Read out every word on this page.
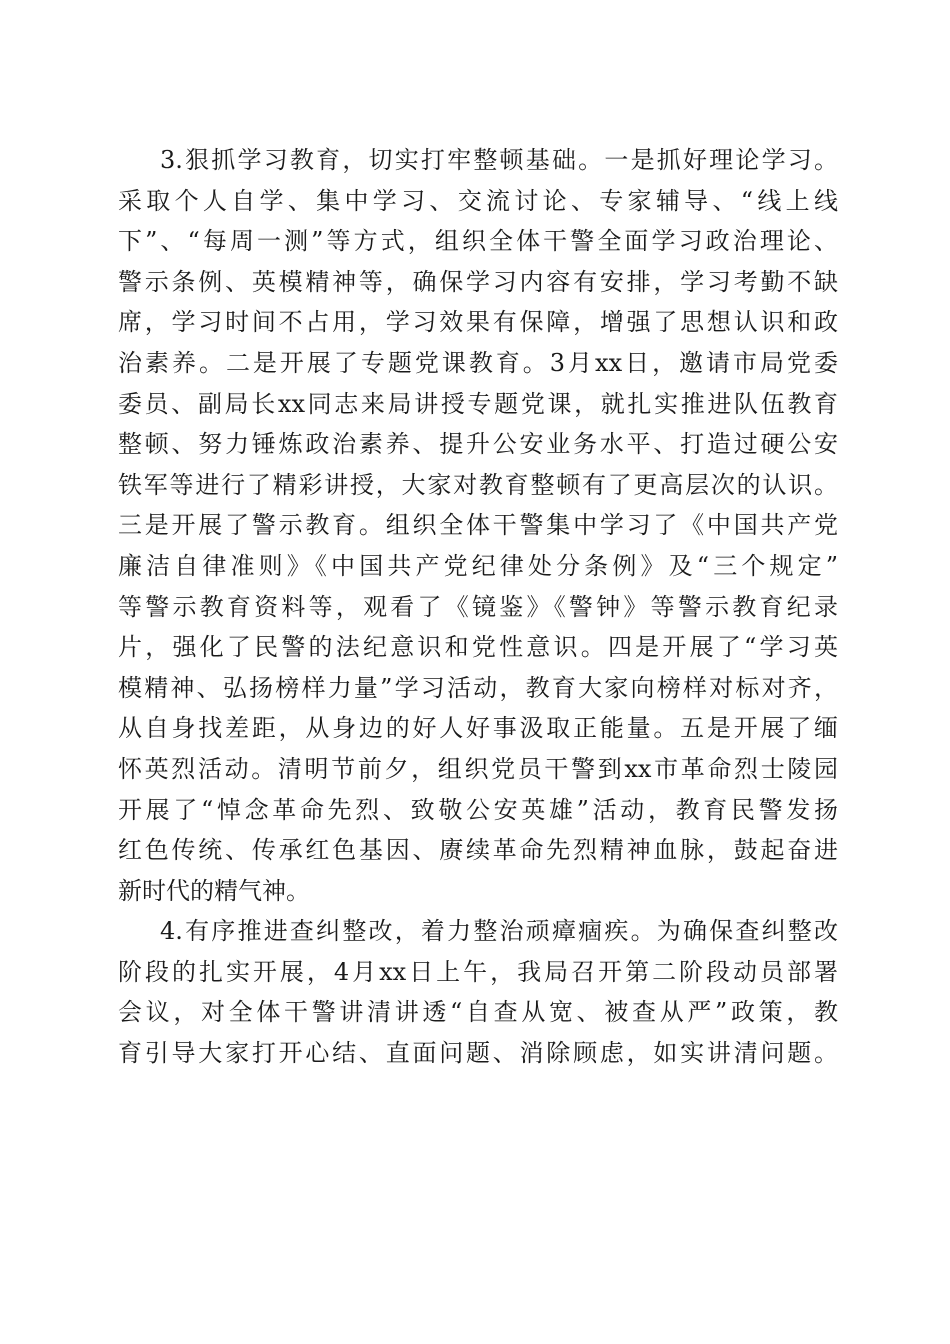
3.狠抓学习教育，切实打牢整顿基础。一是抓好理论学习。
采取个人自学、集中学习、交流讨论、专家辅导、“线上线
下”、“每周一测”等方式，组织全体干警全面学习政治理论、
警示条例、英模精神等，确保学习内容有安排，学习考勤不缺
席，学习时间不占用，学习效果有保障，增强了思想认识和政
治素养。二是开展了专题党课教育。3月xx日，邀请市局党委
委员、副局长xx同志来局讲授专题党课，就扎实推进队伍教育
整顿、努力锤炼政治素养、提升公安业务水平、打造过硬公安
铁军等进行了精彩讲授，大家对教育整顿有了更高层次的认识。
三是开展了警示教育。组织全体干警集中学习了《中国共产党
廉洁自律准则》《中国共产党纪律处分条例》及“三个规定”
等警示教育资料等，观看了《镜鉴》《警钟》等警示教育纪录
片，强化了民警的法纪意识和党性意识。四是开展了“学习英
模精神、弘扬榜样力量”学习活动，教育大家向榜样对标对齐，
从自身找差距，从身边的好人好事汲取正能量。五是开展了缅
怀英烈活动。清明节前夕，组织党员干警到xx市革命烈士陵园
开展了“悼念革命先烈、致敬公安英雄”活动，教育民警发扬
红色传统、传承红色基因、赓续革命先烈精神血脉，鼓起奋进
新时代的精气神。
4.有序推进查纠整改，着力整治顽瘴痼疾。为确保查纠整改
阶段的扎实开展，4月xx日上午，我局召开第二阶段动员部署
会议，对全体干警讲清讲透“自查从宽、被查从严”政策，教
育引导大家打开心结、直面问题、消除顾虑，如实讲清问题。
